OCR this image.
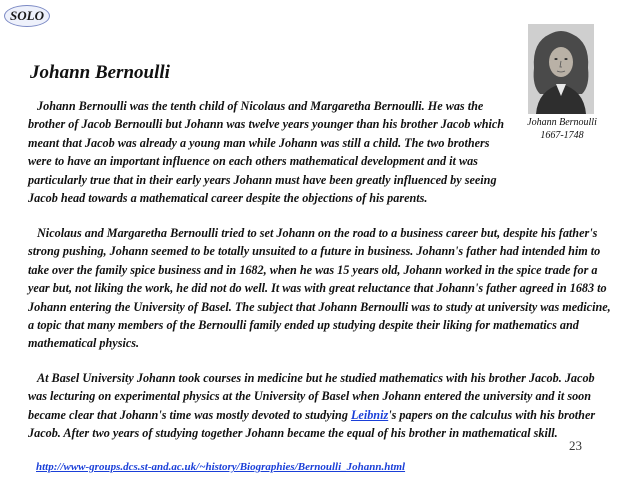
SOLO
Johann Bernoulli
Johann Bernoulli
1667-1748

Johann Bernoulli was the tenth child of Nicolaus and Margaretha Bernoulli. He was the brother of Jacob Bernoulli but Johann was twelve years younger than his brother Jacob which meant that Jacob was already a young man while Johann was still a child. The two brothers were to have an important influence on each others mathematical development and it was particularly true that in their early years Johann must have been greatly influenced by seeing Jacob head towards a mathematical career despite the objections of his parents.

Nicolaus and Margaretha Bernoulli tried to set Johann on the road to a business career but, despite his father's strong pushing, Johann seemed to be totally unsuited to a future in business. Johann's father had intended him to take over the family spice business and in 1682, when he was 15 years old, Johann worked in the spice trade for a year but, not liking the work, he did not do well. It was with great reluctance that Johann's father agreed in 1683 to Johann entering the University of Basel. The subject that Johann Bernoulli was to study at university was medicine, a topic that many members of the Bernoulli family ended up studying despite their liking for mathematics and mathematical physics.

At Basel University Johann took courses in medicine but he studied mathematics with his brother Jacob. Jacob was lecturing on experimental physics at the University of Basel when Johann entered the university and it soon became clear that Johann's time was mostly devoted to studying Leibniz's papers on the calculus with his brother Jacob. After two years of studying together Johann became the equal of his brother in mathematical skill.

23
http://www-groups.dcs.st-and.ac.uk/~history/Biographies/Bernoulli_Johann.html
